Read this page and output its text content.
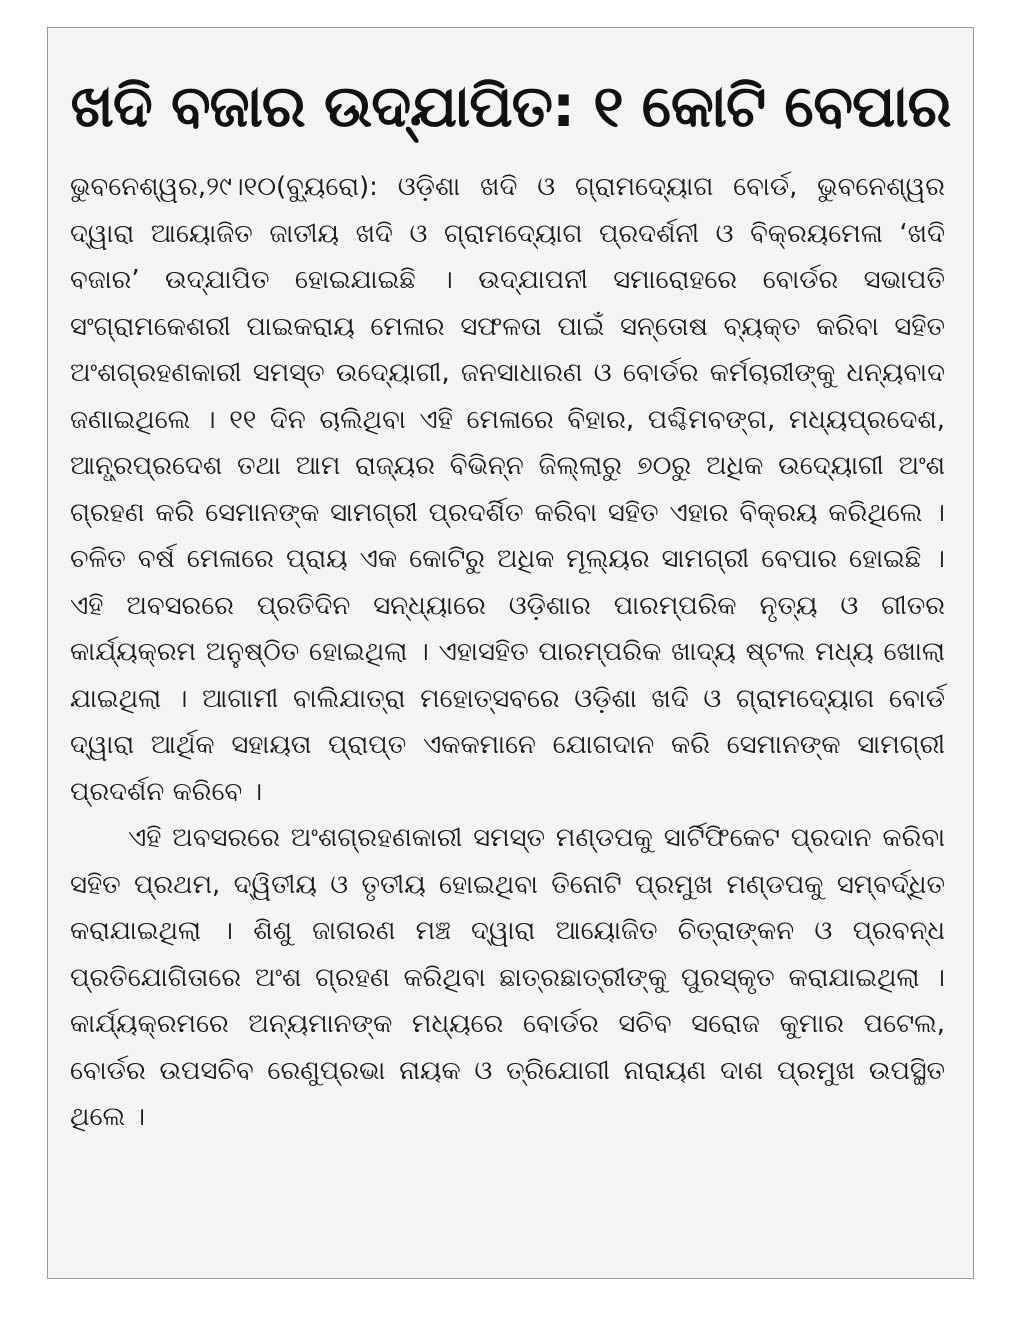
ଖଦି ବଜାର ଉଦ୍‌ଯାପିତ: ୧ କୋଟି ବେପାର

ଭୁବନେଶ୍ୱର,୨୯।୧୦(ବ୍ୟୁରୋ): ଓଡ଼ିଶା ଖଦି ଓ ଗ୍ରାମଦ୍ୟୋଗ ବୋର୍ଡ, ଭୁବନେଶ୍ୱର ଦ୍ୱାରା ଆୟୋଜିତ ଜାତୀୟ ଖଦି ଓ ଗ୍ରାମଦ୍ୟୋଗ ପ୍ରଦର୍ଶନୀ ଓ ବିକ୍ରୟମେଳା ‘ଖଦି ବଜାର’ ଉଦ୍‌ଯାପିତ ହୋଇଯାଇଛି । ଉଦ୍‌ଯାପନୀ ସମାରୋହରେ ବୋର୍ଡର ସଭାପତି ସଂଗ୍ରାମକେଶରୀ ପାଇକରାୟ ମେଳାର ସଫଳତା ପାଇଁ ସନ୍ତୋଷ ବ୍ୟକ୍ତ କରିବା ସହିତ ଅଂଶଗ୍ରହଣକାରୀ ସମସ୍ତ ଉଦ୍ୟୋଗୀ, ଜନସାଧାରଣ ଓ ବୋର୍ଡର କର୍ମଚାରୀଙ୍କୁ ଧନ୍ୟବାଦ ଜଣାଇଥିଲେ । ୧୧ ଦିନ ଚାଲିଥିବା ଏହି ମେଳାରେ ବିହାର, ପଶ୍ଚିମବଙ୍ଗ, ମଧ୍ୟପ୍ରଦେଶ, ଆନ୍ଧ୍ରପ୍ରଦେଶ ତଥା ଆମ ରାଜ୍ୟର ବିଭିନ୍ନ ଜିଲ୍ଲାରୁ ୭୦ରୁ ଅଧିକ ଉଦ୍ୟୋଗୀ ଅଂଶ ଗ୍ରହଣ କରି ସେମାନଙ୍କ ସାମଗ୍ରୀ ପ୍ରଦର୍ଶିତ କରିବା ସହିତ ଏହାର ବିକ୍ରୟ କରିଥିଲେ । ଚଳିତ ବର୍ଷ ମେଳାରେ ପ୍ରାୟ ଏକ କୋଟିରୁ ଅଧିକ ମୂଲ୍ୟର ସାମଗ୍ରୀ ବେପାର ହୋଇଛି । ଏହି ଅବସରରେ ପ୍ରତିଦିନ ସନ୍ଧ୍ୟାରେ ଓଡ଼ିଶାର ପାରମ୍ପରିକ ନୃତ୍ୟ ଓ ଗୀତର କାର୍ଯ୍ୟକ୍ରମ ଅନୁଷ୍ଠିତ ହୋଇଥିଲା । ଏହାସହିତ ପାରମ୍ପରିକ ଖାଦ୍ୟ ଷ୍ଟଲ ମଧ୍ୟ ଖୋଲା ଯାଇଥିଲା । ଆଗାମୀ ବାଲିଯାତ୍ରା ମହୋତ୍ସବରେ ଓଡ଼ିଶା ଖଦି ଓ ଗ୍ରାମଦ୍ୟୋଗ ବୋର୍ଡ ଦ୍ୱାରା ଆର୍ଥିକ ସହାୟତା ପ୍ରାପ୍ତ ଏକକମାନେ ଯୋଗଦାନ କରି ସେମାନଙ୍କ ସାମଗ୍ରୀ ପ୍ରଦର୍ଶନ କରିବେ ।

ଏହି ଅବସରରେ ଅଂଶଗ୍ରହଣକାରୀ ସମସ୍ତ ମଣ୍ଡପକୁ ସାର୍ଟିଫିକେଟ ପ୍ରଦାନ କରିବା ସହିତ ପ୍ରଥମ, ଦ୍ୱିତୀୟ ଓ ତୃତୀୟ ହୋଇଥିବା ତିନୋଟି ପ୍ରମୁଖ ମଣ୍ଡପକୁ ସମ୍ବର୍ଦ୍ଧିତ କରାଯାଇଥିଲା । ଶିଶୁ ଜାଗରଣ ମଞ୍ଚ ଦ୍ୱାରା ଆୟୋଜିତ ଚିତ୍ରାଙ୍କନ ଓ ପ୍ରବନ୍ଧ ପ୍ରତିଯୋଗିତାରେ ଅଂଶ ଗ୍ରହଣ କରିଥିବା ଛାତ୍ରଛାତ୍ରୀଙ୍କୁ ପୁରସ୍କୃତ କରାଯାଇଥିଲା । କାର୍ଯ୍ୟକ୍ରମରେ ଅନ୍ୟମାନଙ୍କ ମଧ୍ୟରେ ବୋର୍ଡର ସଚିବ ସରୋଜ କୁମାର ପଟେଲ, ବୋର୍ଡର ଉପସଚିବ ରେଣୁପ୍ରଭା ନାୟକ ଓ ତ୍ରିଯୋଗୀ ନାରାୟଣ ଦାଶ ପ୍ରମୁଖ ଉପସ୍ଥିତ ଥିଲେ ।
